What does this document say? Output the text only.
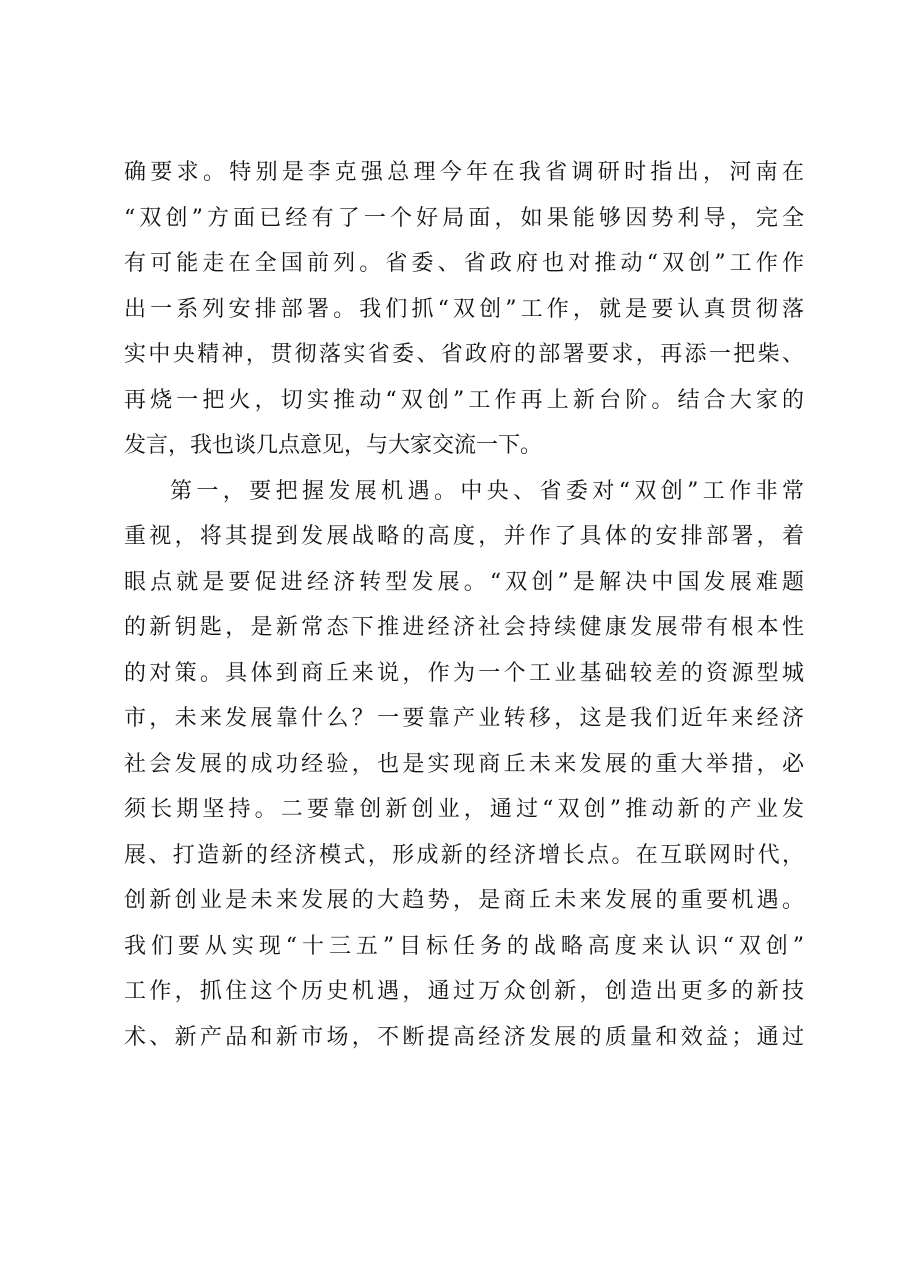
确要求。特别是李克强总理今年在我省调研时指出，河南在
“双创”方面已经有了一个好局面，如果能够因势利导，完全
有可能走在全国前列。省委、省政府也对推动“双创”工作作
出一系列安排部署。我们抓“双创”工作，就是要认真贯彻落
实中央精神，贯彻落实省委、省政府的部署要求，再添一把柴、
再烧一把火，切实推动“双创”工作再上新台阶。结合大家的
发言，我也谈几点意见，与大家交流一下。
第一，要把握发展机遇。中央、省委对“双创”工作非常
重视，将其提到发展战略的高度，并作了具体的安排部署，着
眼点就是要促进经济转型发展。“双创”是解决中国发展难题
的新钥匙，是新常态下推进经济社会持续健康发展带有根本性
的对策。具体到商丘来说，作为一个工业基础较差的资源型城
市，未来发展靠什么？一要靠产业转移，这是我们近年来经济
社会发展的成功经验，也是实现商丘未来发展的重大举措，必
须长期坚持。二要靠创新创业，通过“双创”推动新的产业发
展、打造新的经济模式，形成新的经济增长点。在互联网时代，
创新创业是未来发展的大趋势，是商丘未来发展的重要机遇。
我们要从实现“十三五”目标任务的战略高度来认识“双创”
工作，抓住这个历史机遇，通过万众创新，创造出更多的新技
术、新产品和新市场，不断提高经济发展的质量和效益；通过
